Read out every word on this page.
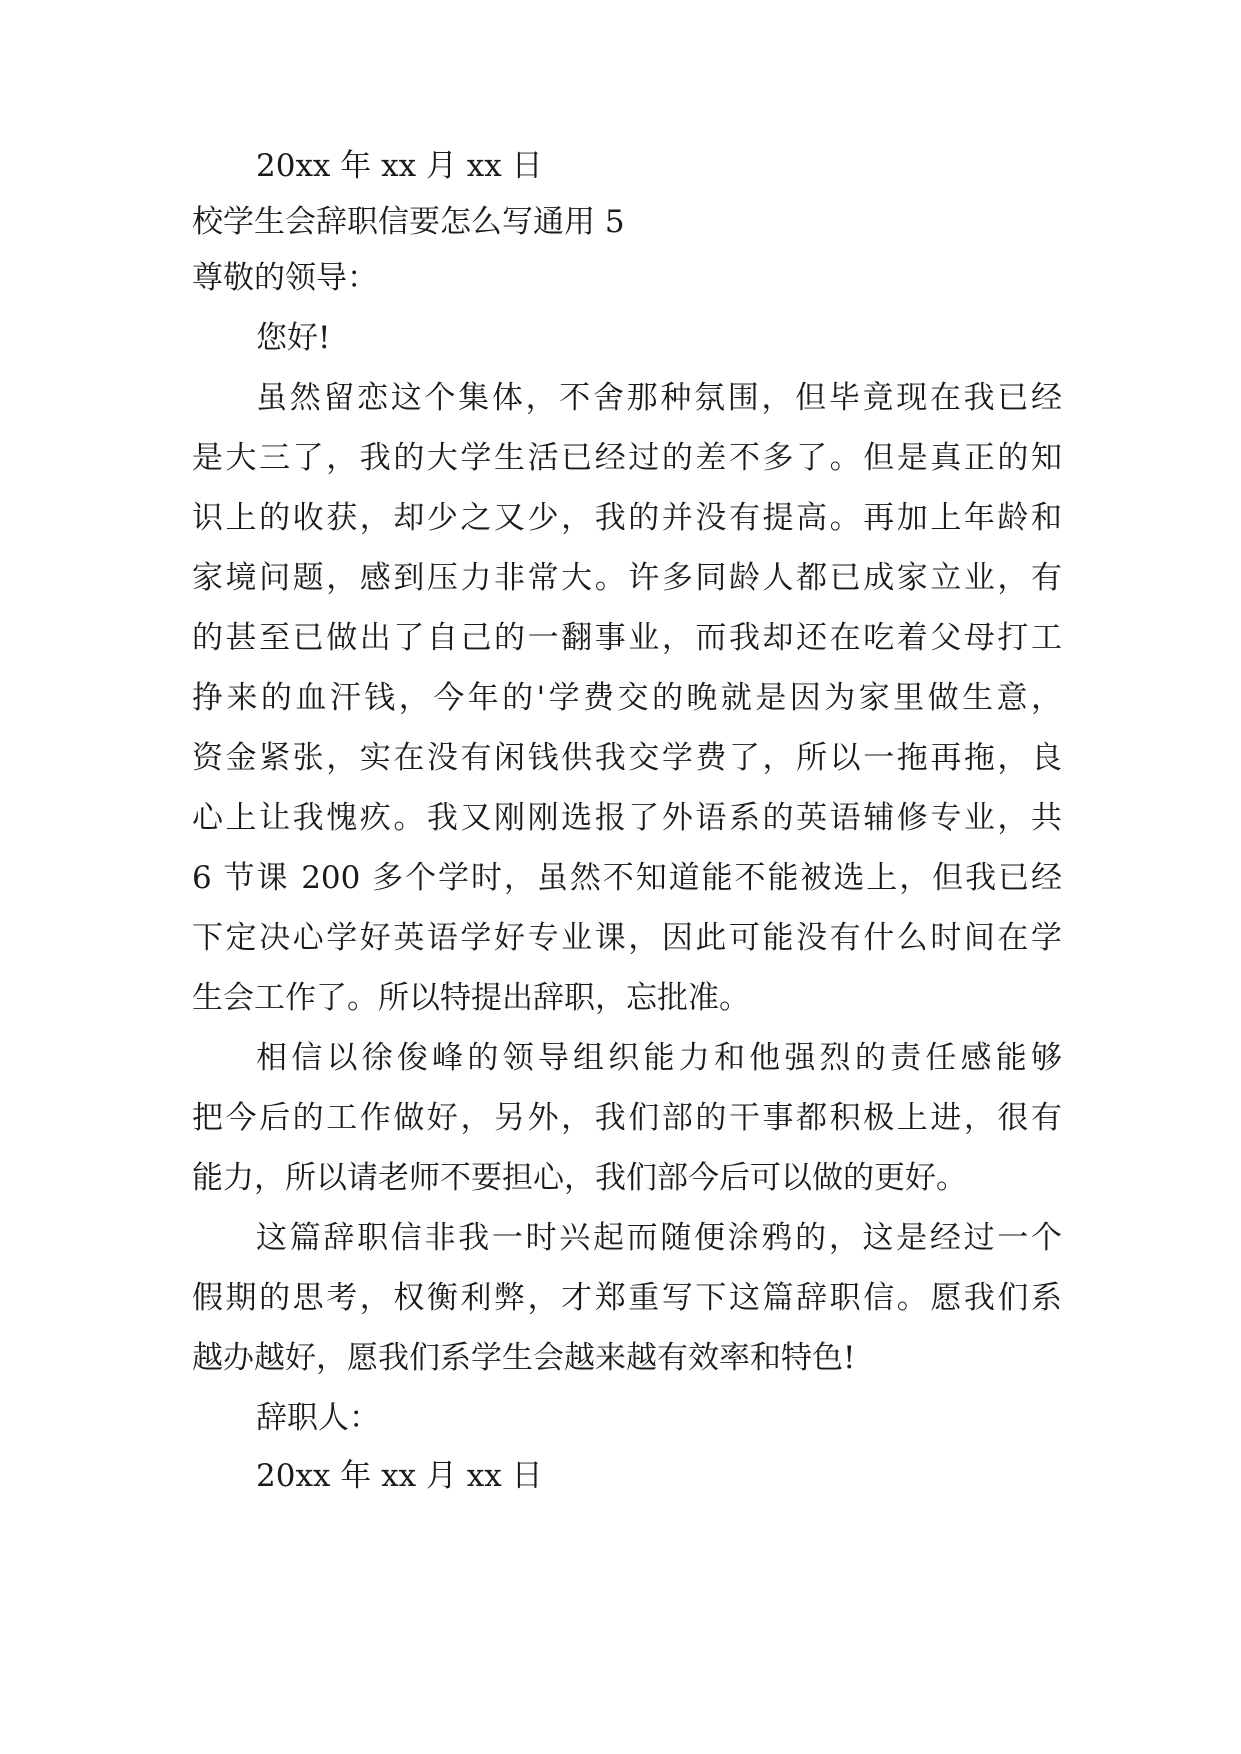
20xx 年 xx 月 xx 日
校学生会辞职信要怎么写通用 5
尊敬的领导：
您好!
虽然留恋这个集体，不舍那种氛围，但毕竟现在我已经
是大三了，我的大学生活已经过的差不多了。但是真正的知
识上的收获，却少之又少，我的并没有提高。再加上年龄和
家境问题，感到压力非常大。许多同龄人都已成家立业，有
的甚至已做出了自己的一翻事业，而我却还在吃着父母打工
挣来的血汗钱，今年的'学费交的晚就是因为家里做生意，
资金紧张，实在没有闲钱供我交学费了，所以一拖再拖，良
心上让我愧疚。我又刚刚选报了外语系的英语辅修专业，共
6 节课 200 多个学时，虽然不知道能不能被选上，但我已经
下定决心学好英语学好专业课，因此可能没有什么时间在学
生会工作了。所以特提出辞职，忘批准。
相信以徐俊峰的领导组织能力和他强烈的责任感能够
把今后的工作做好，另外，我们部的干事都积极上进，很有
能力，所以请老师不要担心，我们部今后可以做的更好。
这篇辞职信非我一时兴起而随便涂鸦的，这是经过一个
假期的思考，权衡利弊，才郑重写下这篇辞职信。愿我们系
越办越好，愿我们系学生会越来越有效率和特色!
辞职人：
20xx 年 xx 月 xx 日
